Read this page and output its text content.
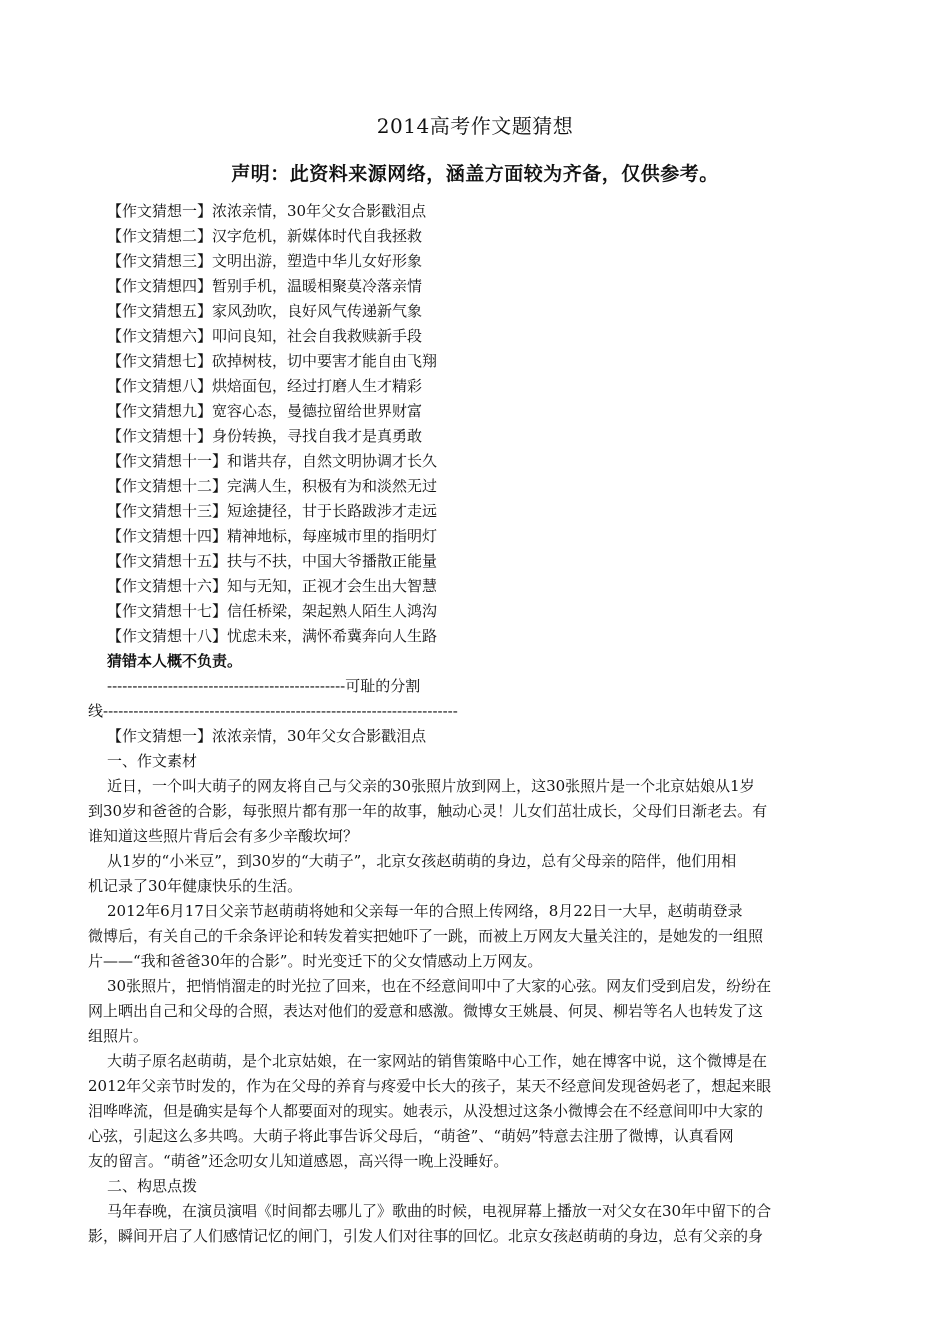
2014高考作文题猜想
声明：此资料来源网络，涵盖方面较为齐备，仅供参考。
【作文猜想一】浓浓亲情，30年父女合影戳泪点
【作文猜想二】汉字危机，新媒体时代自我拯救
【作文猜想三】文明出游，塑造中华儿女好形象
【作文猜想四】暂别手机，温暖相聚莫冷落亲情
【作文猜想五】家风劲吹，良好风气传递新气象
【作文猜想六】叩问良知，社会自我救赎新手段
【作文猜想七】砍掉树枝，切中要害才能自由飞翔
【作文猜想八】烘焙面包，经过打磨人生才精彩
【作文猜想九】宽容心态，曼德拉留给世界财富
【作文猜想十】身份转换，寻找自我才是真勇敢
【作文猜想十一】和谐共存，自然文明协调才长久
【作文猜想十二】完满人生，积极有为和淡然无过
【作文猜想十三】短途捷径，甘于长路跋涉才走远
【作文猜想十四】精神地标，每座城市里的指明灯
【作文猜想十五】扶与不扶，中国大爷播散正能量
【作文猜想十六】知与无知，正视才会生出大智慧
【作文猜想十七】信任桥梁，架起熟人陌生人鸿沟
【作文猜想十八】忧虑未来，满怀希冀奔向人生路
猜错本人概不负责。
-----------------------------------------------可耻的分割
线----------------------------------------------------------------------
【作文猜想一】浓浓亲情，30年父女合影戳泪点
一、作文素材
近日，一个叫大萌子的网友将自己与父亲的30张照片放到网上，这30张照片是一个北京姑娘从1岁
到30岁和爸爸的合影，每张照片都有那一年的故事，触动心灵！儿女们茁壮成长，父母们日渐老去。有
谁知道这些照片背后会有多少辛酸坎坷？
从1岁的“小米豆”，到30岁的“大萌子”，北京女孩赵萌萌的身边，总有父母亲的陪伴，他们用相
机记录了30年健康快乐的生活。
2012年6月17日父亲节赵萌萌将她和父亲每一年的合照上传网络，8月22日一大早，赵萌萌登录
微博后，有关自己的千余条评论和转发着实把她吓了一跳，而被上万网友大量关注的，是她发的一组照
片——“我和爸爸30年的合影”。时光变迁下的父女情感动上万网友。
30张照片，把悄悄溜走的时光拉了回来，也在不经意间叩中了大家的心弦。网友们受到启发，纷纷在
网上晒出自己和父母的合照，表达对他们的爱意和感激。微博女王姚晨、何炅、柳岩等名人也转发了这
组照片。
大萌子原名赵萌萌，是个北京姑娘，在一家网站的销售策略中心工作，她在博客中说，这个微博是在
2012年父亲节时发的，作为在父母的养育与疼爱中长大的孩子，某天不经意间发现爸妈老了，想起来眼
泪哗哗流，但是确实是每个人都要面对的现实。她表示，从没想过这条小微博会在不经意间叩中大家的
心弦，引起这么多共鸣。大萌子将此事告诉父母后，“萌爸”、“萌妈”特意去注册了微博，认真看网
友的留言。“萌爸”还念叨女儿知道感恩，高兴得一晚上没睡好。
二、构思点拨
马年春晚，在演员演唱《时间都去哪儿了》歌曲的时候，电视屏幕上播放一对父女在30年中留下的合
影，瞬间开启了人们感情记忆的闸门，引发人们对往事的回忆。北京女孩赵萌萌的身边，总有父亲的身
